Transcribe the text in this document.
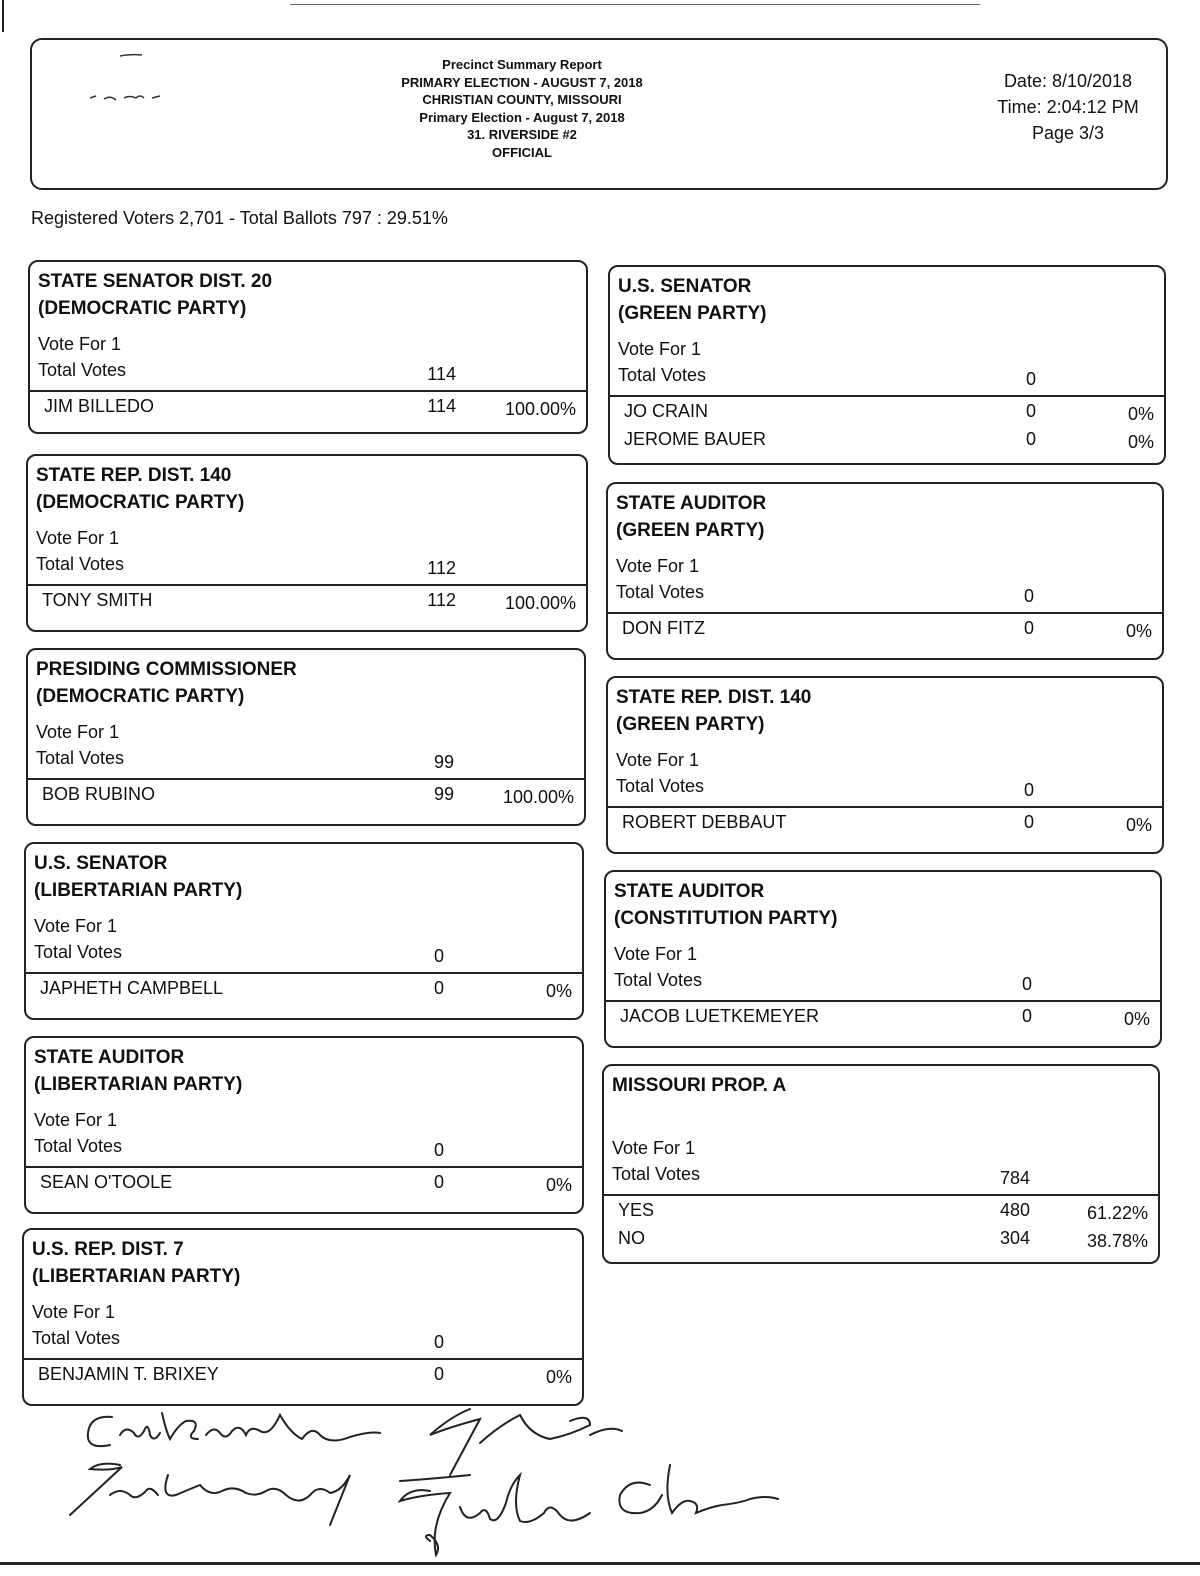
Precinct Summary Report
PRIMARY ELECTION - AUGUST 7, 2018
CHRISTIAN COUNTY, MISSOURI
Primary Election - August 7, 2018
31. RIVERSIDE #2
OFFICIAL
Date: 8/10/2018
Time: 2:04:12 PM
Page 3/3
Registered Voters 2,701 - Total Ballots 797 : 29.51%
STATE SENATOR DIST. 20
(DEMOCRATIC PARTY)
Vote For 1
Total Votes	114
JIM BILLEDO	114	100.00%
STATE REP. DIST. 140
(DEMOCRATIC PARTY)
Vote For 1
Total Votes	112
TONY SMITH	112	100.00%
PRESIDING COMMISSIONER
(DEMOCRATIC PARTY)
Vote For 1
Total Votes	99
BOB RUBINO	99	100.00%
U.S. SENATOR
(LIBERTARIAN PARTY)
Vote For 1
Total Votes	0
JAPHETH CAMPBELL	0	0%
STATE AUDITOR
(LIBERTARIAN PARTY)
Vote For 1
Total Votes	0
SEAN O'TOOLE	0	0%
U.S. REP. DIST. 7
(LIBERTARIAN PARTY)
Vote For 1
Total Votes	0
BENJAMIN T. BRIXEY	0	0%
U.S. SENATOR
(GREEN PARTY)
Vote For 1
Total Votes	0
JO CRAIN	0	0%
JEROME BAUER	0	0%
STATE AUDITOR
(GREEN PARTY)
Vote For 1
Total Votes	0
DON FITZ	0	0%
STATE REP. DIST. 140
(GREEN PARTY)
Vote For 1
Total Votes	0
ROBERT DEBBAUT	0	0%
STATE AUDITOR
(CONSTITUTION PARTY)
Vote For 1
Total Votes	0
JACOB LUETKEMEYER	0	0%
MISSOURI PROP. A
Vote For 1
Total Votes	784
YES	480	61.22%
NO	304	38.78%
